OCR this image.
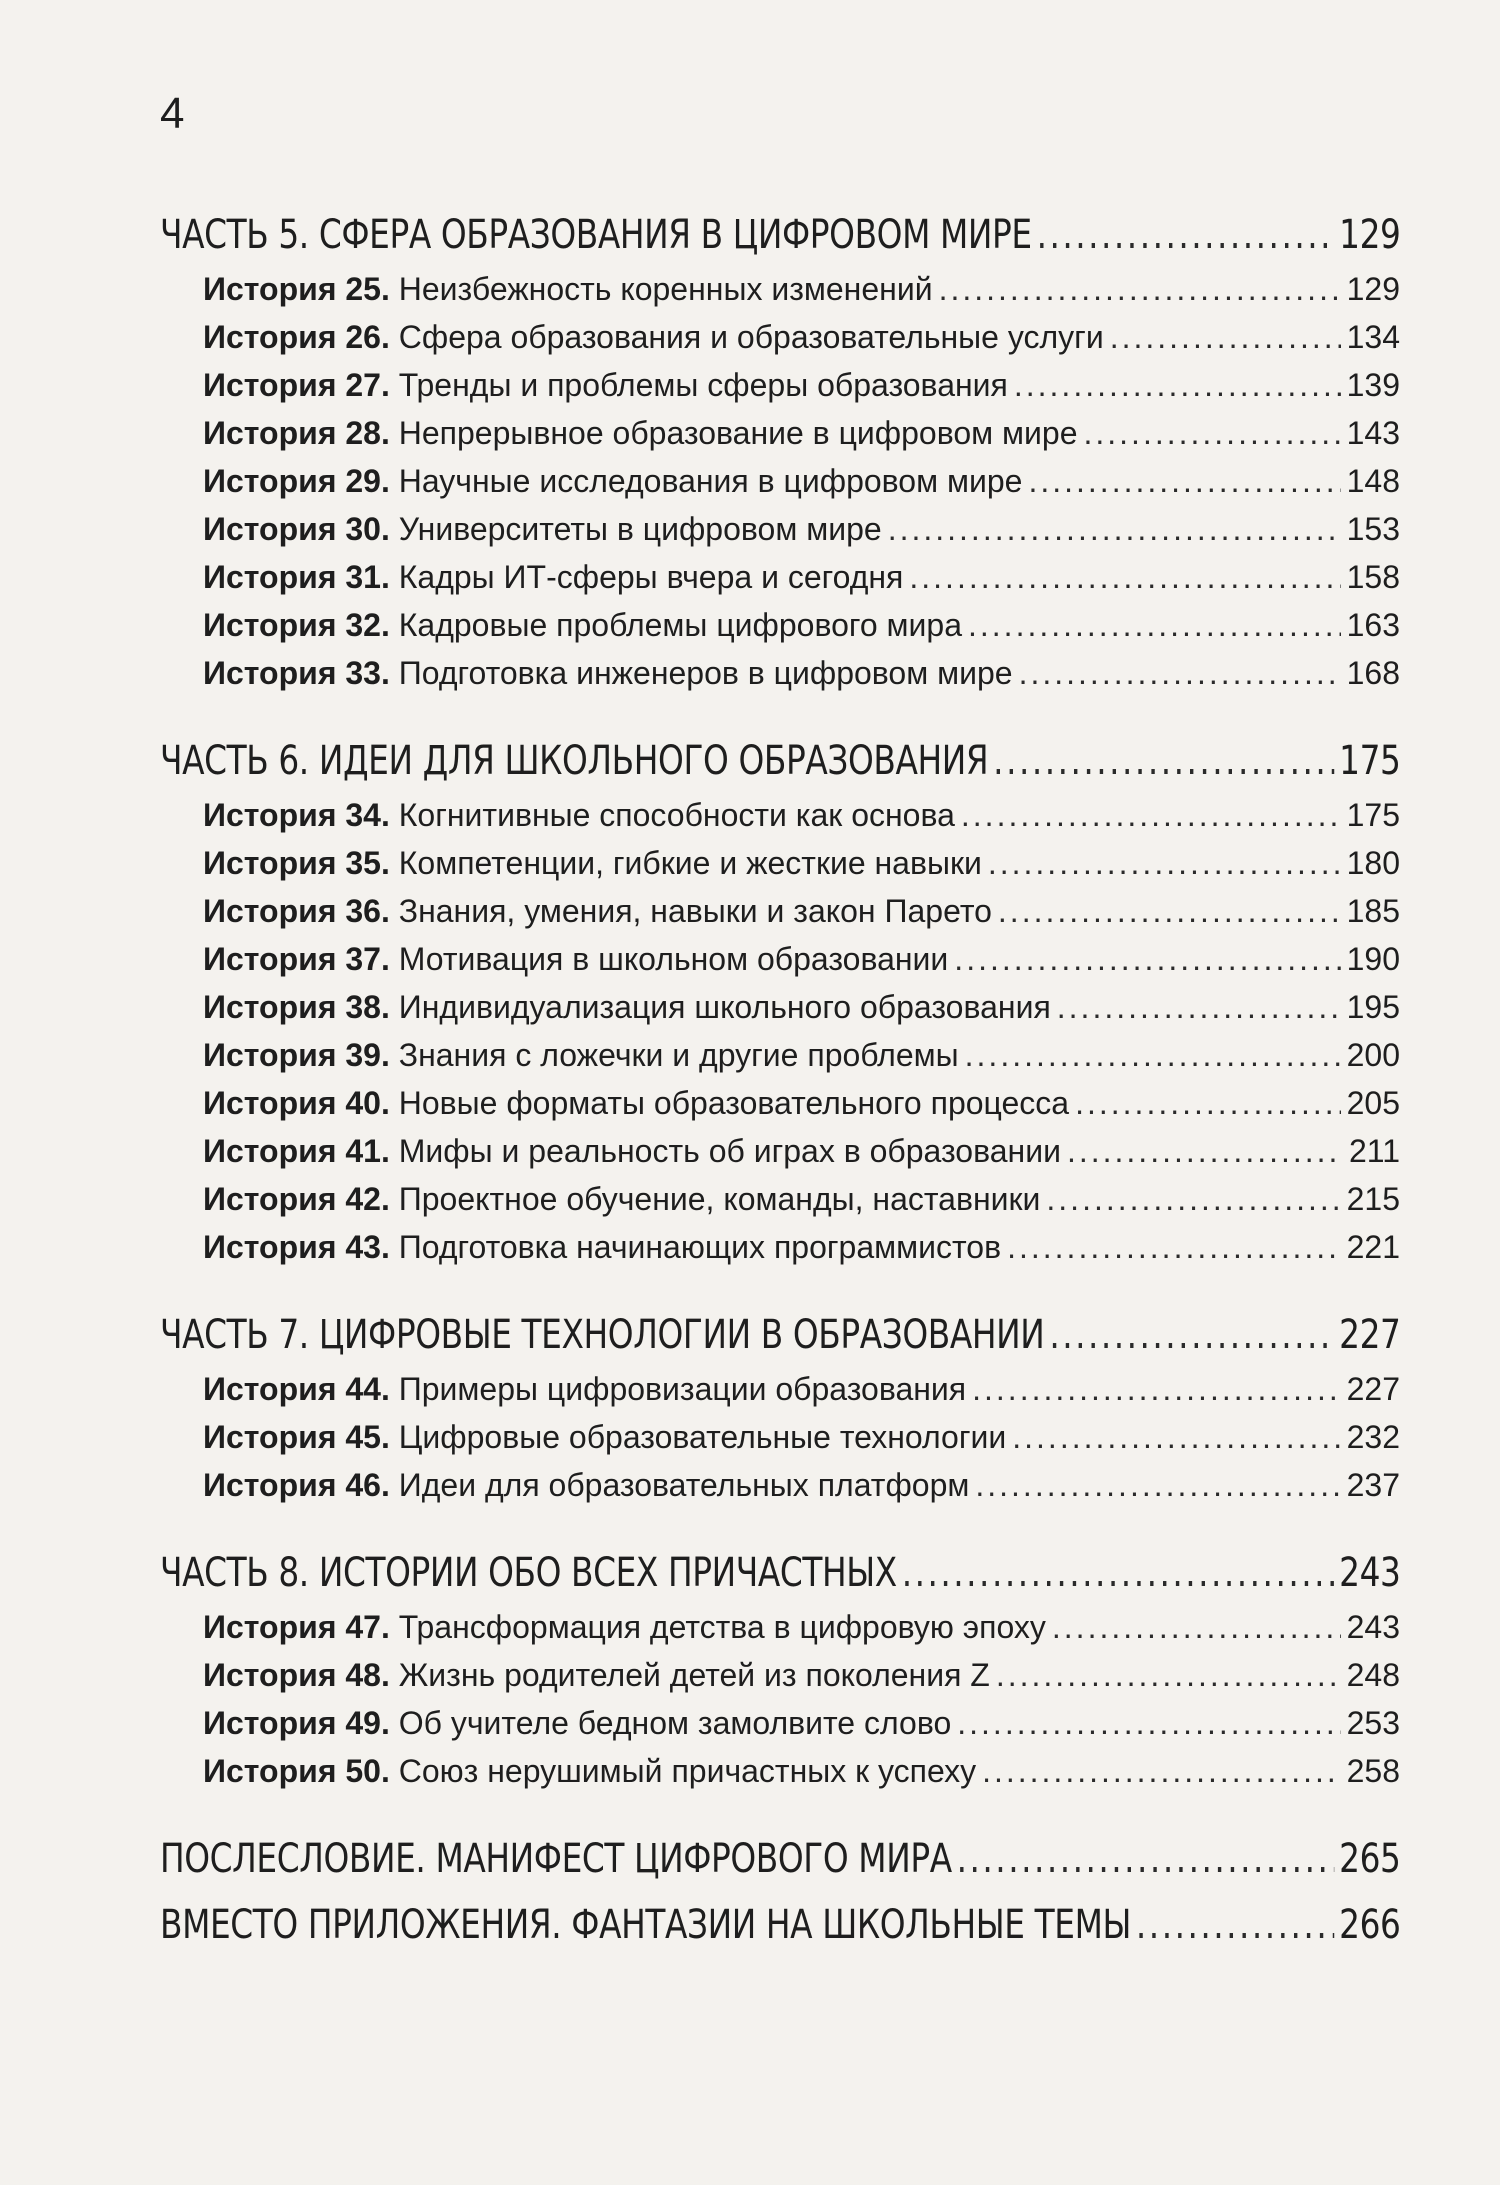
4
ЧАСТЬ 5. СФЕРА ОБРАЗОВАНИЯ В ЦИФРОВОМ МИРЕ .....	129
История 25. Неизбежность коренных изменений .....	129
История 26. Сфера образования и образовательные услуги .....	134
История 27. Тренды и проблемы сферы образования .....	139
История 28. Непрерывное образование в цифровом мире .....	143
История 29. Научные исследования в цифровом мире .....	148
История 30. Университеты в цифровом мире .....	153
История 31. Кадры ИТ-сферы вчера и сегодня .....	158
История 32. Кадровые проблемы цифрового мира .....	163
История 33. Подготовка инженеров в цифровом мире .....	168
ЧАСТЬ 6. ИДЕИ ДЛЯ ШКОЛЬНОГО ОБРАЗОВАНИЯ .....	175
История 34. Когнитивные способности как основа .....	175
История 35. Компетенции, гибкие и жесткие навыки .....	180
История 36. Знания, умения, навыки и закон Парето .....	185
История 37. Мотивация в школьном образовании .....	190
История 38. Индивидуализация школьного образования .....	195
История 39. Знания с ложечки и другие проблемы .....	200
История 40. Новые форматы образовательного процесса .....	205
История 41. Мифы и реальность об играх в образовании .....	211
История 42. Проектное обучение, команды, наставники .....	215
История 43. Подготовка начинающих программистов .....	221
ЧАСТЬ 7. ЦИФРОВЫЕ ТЕХНОЛОГИИ В ОБРАЗОВАНИИ .....	227
История 44. Примеры цифровизации образования .....	227
История 45. Цифровые образовательные технологии .....	232
История 46. Идеи для образовательных платформ .....	237
ЧАСТЬ 8. ИСТОРИИ ОБО ВСЕХ ПРИЧАСТНЫХ .....	243
История 47. Трансформация детства в цифровую эпоху .....	243
История 48. Жизнь родителей детей из поколения Z .....	248
История 49. Об учителе бедном замолвите слово .....	253
История 50. Союз нерушимый причастных к успеху .....	258
ПОСЛЕСЛОВИЕ. МАНИФЕСТ ЦИФРОВОГО МИРА .....	265
ВМЕСТО ПРИЛОЖЕНИЯ. ФАНТАЗИИ НА ШКОЛЬНЫЕ ТЕМЫ .....	266
